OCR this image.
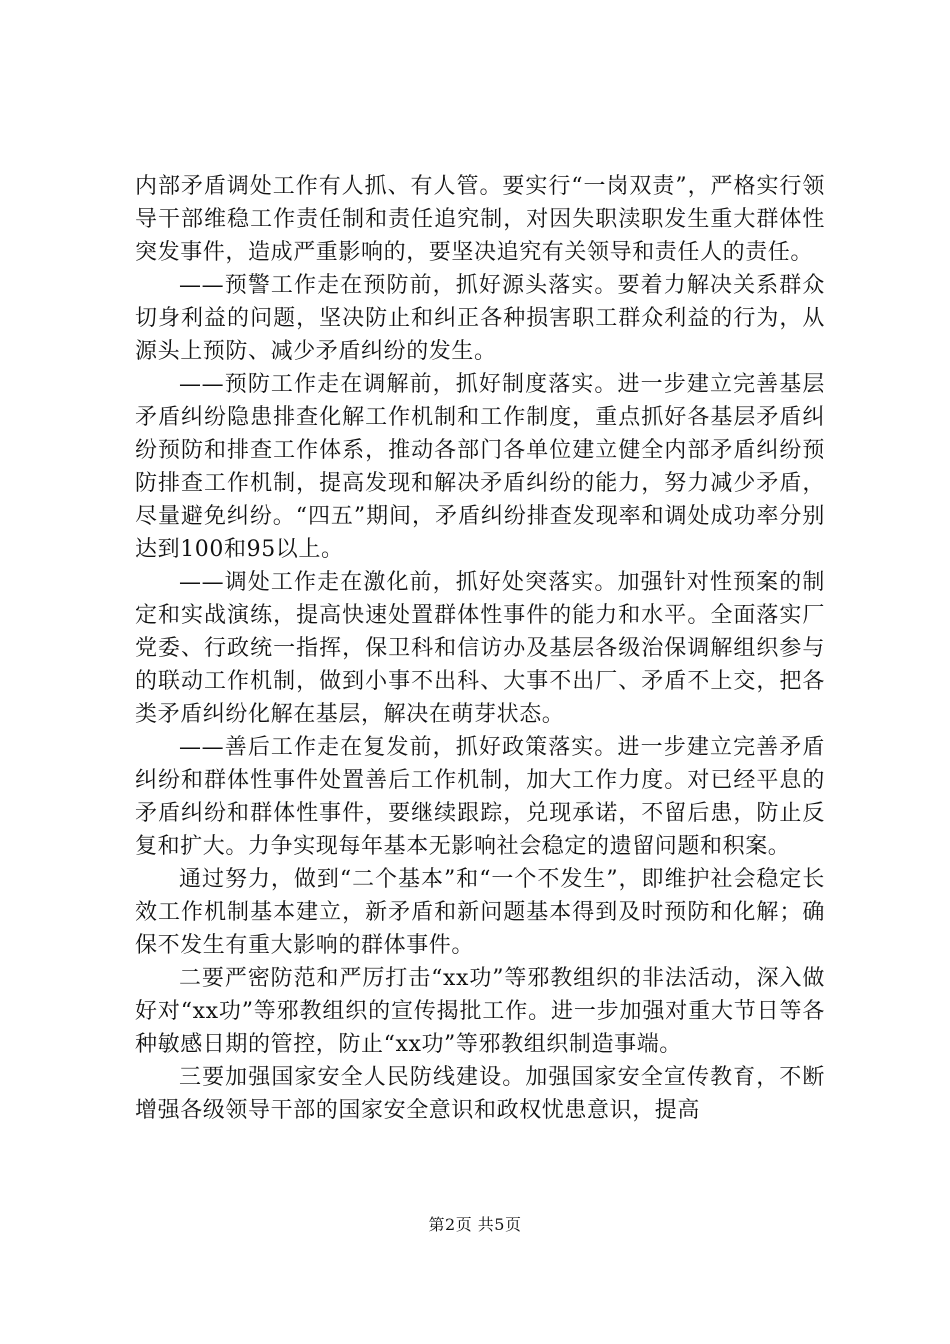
内部矛盾调处工作有人抓、有人管。要实行“一岗双责”，严格实行领导干部维稳工作责任制和责任追究制，对因失职渎职发生重大群体性突发事件，造成严重影响的，要坚决追究有关领导和责任人的责任。

——预警工作走在预防前，抓好源头落实。要着力解决关系群众切身利益的问题，坚决防止和纠正各种损害职工群众利益的行为，从源头上预防、减少矛盾纠纷的发生。

——预防工作走在调解前，抓好制度落实。进一步建立完善基层矛盾纠纷隐患排查化解工作机制和工作制度，重点抓好各基层矛盾纠纷预防和排查工作体系，推动各部门各单位建立健全内部矛盾纠纷预防排查工作机制，提高发现和解决矛盾纠纷的能力，努力减少矛盾，尽量避免纠纷。“四五”期间，矛盾纠纷排查发现率和调处成功率分别达到100和95以上。

——调处工作走在激化前，抓好处突落实。加强针对性预案的制定和实战演练，提高快速处置群体性事件的能力和水平。全面落实厂党委、行政统一指挥，保卫科和信访办及基层各级治保调解组织参与的联动工作机制，做到小事不出科、大事不出厂、矛盾不上交，把各类矛盾纠纷化解在基层，解决在萌芽状态。

——善后工作走在复发前，抓好政策落实。进一步建立完善矛盾纠纷和群体性事件处置善后工作机制，加大工作力度。对已经平息的矛盾纠纷和群体性事件，要继续跟踪，兑现承诺，不留后患，防止反复和扩大。力争实现每年基本无影响社会稳定的遗留问题和积案。

通过努力，做到“二个基本”和“一个不发生”，即维护社会稳定长效工作机制基本建立，新矛盾和新问题基本得到及时预防和化解；确保不发生有重大影响的群体事件。

二要严密防范和严厉打击“xx功”等邪教组织的非法活动，深入做好对“xx功”等邪教组织的宣传揭批工作。进一步加强对重大节日等各种敏感日期的管控，防止“xx功”等邪教组织制造事端。

三要加强国家安全人民防线建设。加强国家安全宣传教育，不断增强各级领导干部的国家安全意识和政权忧患意识，提高

第2页 共5页
